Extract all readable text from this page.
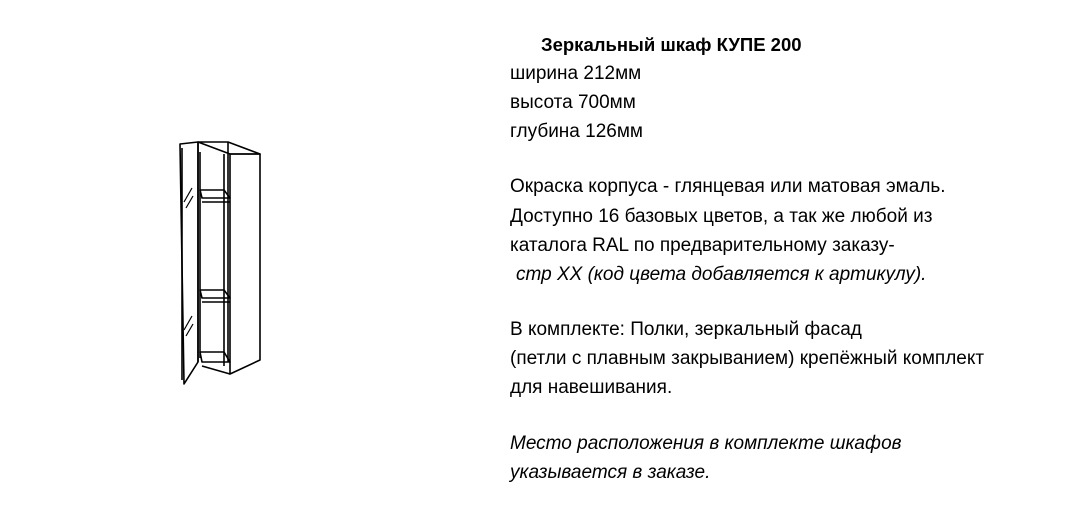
Зеркальный шкаф КУПЕ 200
ширина 212мм
высота 700мм
глубина 126мм
Окраска корпуса - глянцевая или матовая эмаль.
Доступно 16 базовых цветов, а так же любой из
каталога RAL по предварительному заказу-
стр XX (код цвета добавляется к артикулу).
В комплекте: Полки, зеркальный фасад
(петли с плавным закрыванием) крепёжный комплект
для навешивания.
Место расположения в комплекте шкафов
указывается в заказе.
